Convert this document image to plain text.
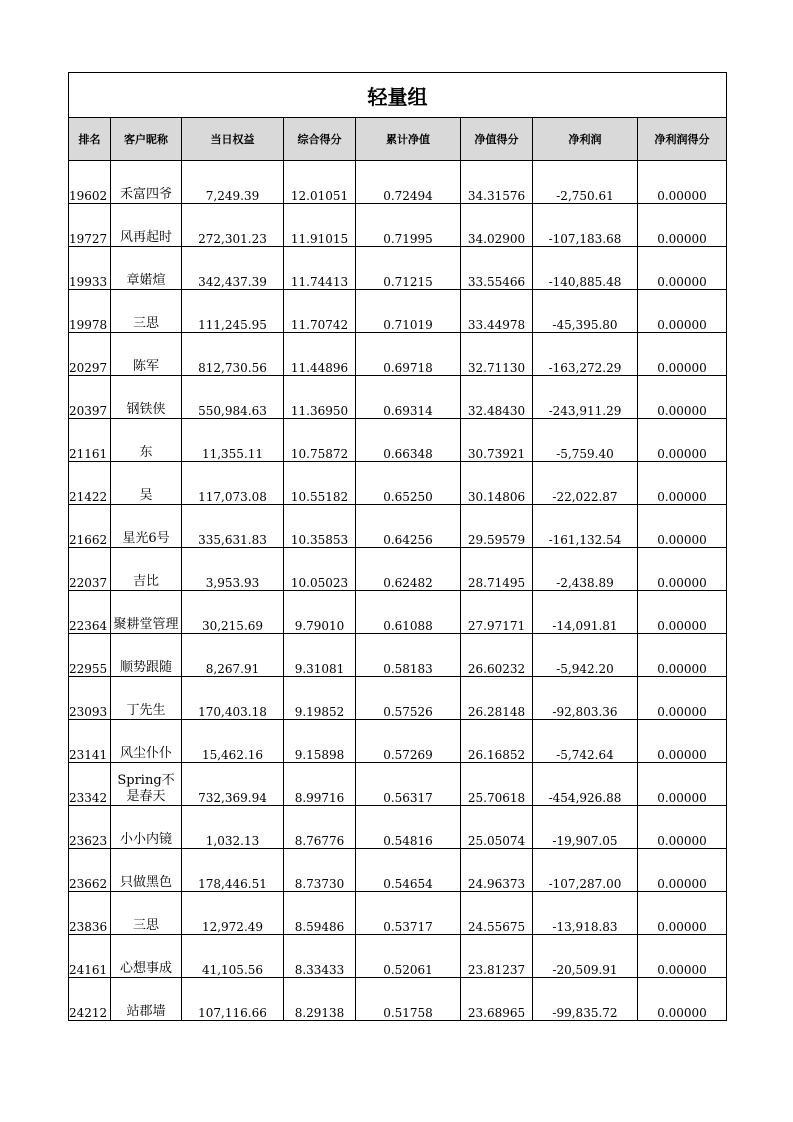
轻量组							
排名	客户昵称	当日权益	综合得分	累计净值	净值得分	净利润	净利润得分
19602	禾富四爷	7,249.39	12.01051	0.72494	34.31576	-2,750.61	0.00000
19727	风再起时	272,301.23	11.91015	0.71995	34.02900	-107,183.68	0.00000
19933	章婼煊	342,437.39	11.74413	0.71215	33.55466	-140,885.48	0.00000
19978	三思	111,245.95	11.70742	0.71019	33.44978	-45,395.80	0.00000
20297	陈军	812,730.56	11.44896	0.69718	32.71130	-163,272.29	0.00000
20397	钢铁侠	550,984.63	11.36950	0.69314	32.48430	-243,911.29	0.00000
21161	东	11,355.11	10.75872	0.66348	30.73921	-5,759.40	0.00000
21422	吴	117,073.08	10.55182	0.65250	30.14806	-22,022.87	0.00000
21662	星光6号	335,631.83	10.35853	0.64256	29.59579	-161,132.54	0.00000
22037	吉比	3,953.93	10.05023	0.62482	28.71495	-2,438.89	0.00000
22364	聚耕堂管理	30,215.69	9.79010	0.61088	27.97171	-14,091.81	0.00000
22955	顺势跟随	8,267.91	9.31081	0.58183	26.60232	-5,942.20	0.00000
23093	丁先生	170,403.18	9.19852	0.57526	26.28148	-92,803.36	0.00000
23141	风尘仆仆	15,462.16	9.15898	0.57269	26.16852	-5,742.64	0.00000
23342	Spring不是春天	732,369.94	8.99716	0.56317	25.70618	-454,926.88	0.00000
23623	小小内镜	1,032.13	8.76776	0.54816	25.05074	-19,907.05	0.00000
23662	只做黑色	178,446.51	8.73730	0.54654	24.96373	-107,287.00	0.00000
23836	三思	12,972.49	8.59486	0.53717	24.55675	-13,918.83	0.00000
24161	心想事成	41,105.56	8.33433	0.52061	23.81237	-20,509.91	0.00000
24212	站郡墙	107,116.66	8.29138	0.51758	23.68965	-99,835.72	0.00000
